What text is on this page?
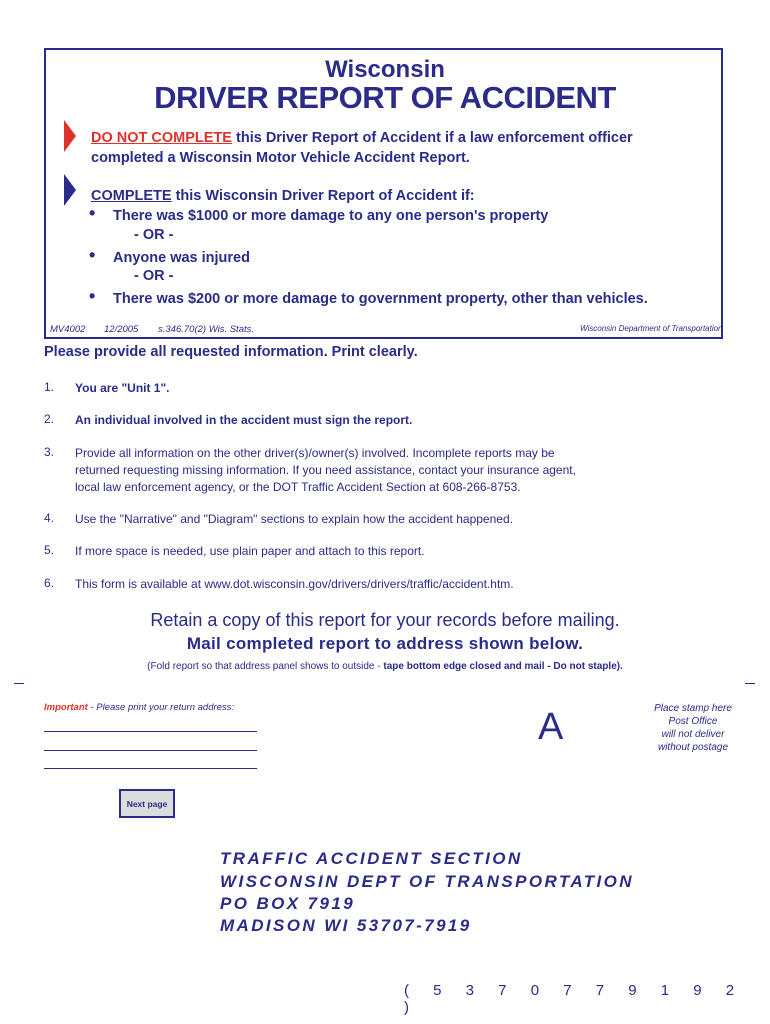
Wisconsin
DRIVER REPORT OF ACCIDENT
DO NOT COMPLETE this Driver Report of Accident if a law enforcement officer
completed a Wisconsin Motor Vehicle Accident Report.
COMPLETE this Wisconsin Driver Report of Accident if:
• There was $1000 or more damage to any one person's property
- OR -
• Anyone was injured
- OR -
• There was $200 or more damage to government property, other than vehicles.
MV4002 12/2005 s.346.70(2) Wis. Stats.	Wisconsin Department of Transportation
Please provide all requested information. Print clearly.
1. You are "Unit 1".
2. An individual involved in the accident must sign the report.
3. Provide all information on the other driver(s)/owner(s) involved. Incomplete reports may be returned requesting missing information. If you need assistance, contact your insurance agent, local law enforcement agency, or the DOT Traffic Accident Section at 608-266-8753.
4. Use the "Narrative" and "Diagram" sections to explain how the accident happened.
5. If more space is needed, use plain paper and attach to this report.
6. This form is available at www.dot.wisconsin.gov/drivers/drivers/traffic/accident.htm.
Retain a copy of this report for your records before mailing.
Mail completed report to address shown below.
(Fold report so that address panel shows to outside - tape bottom edge closed and mail - Do not staple).
Important - Please print your return address:	A	Place stamp here
Post Office
will not deliver
without postage
Next page
TRAFFIC ACCIDENT SECTION
WISCONSIN DEPT OF TRANSPORTATION
PO BOX 7919
MADISON WI 53707-7919
( 5 3 7 0 7 7 9 1 9 2 )
